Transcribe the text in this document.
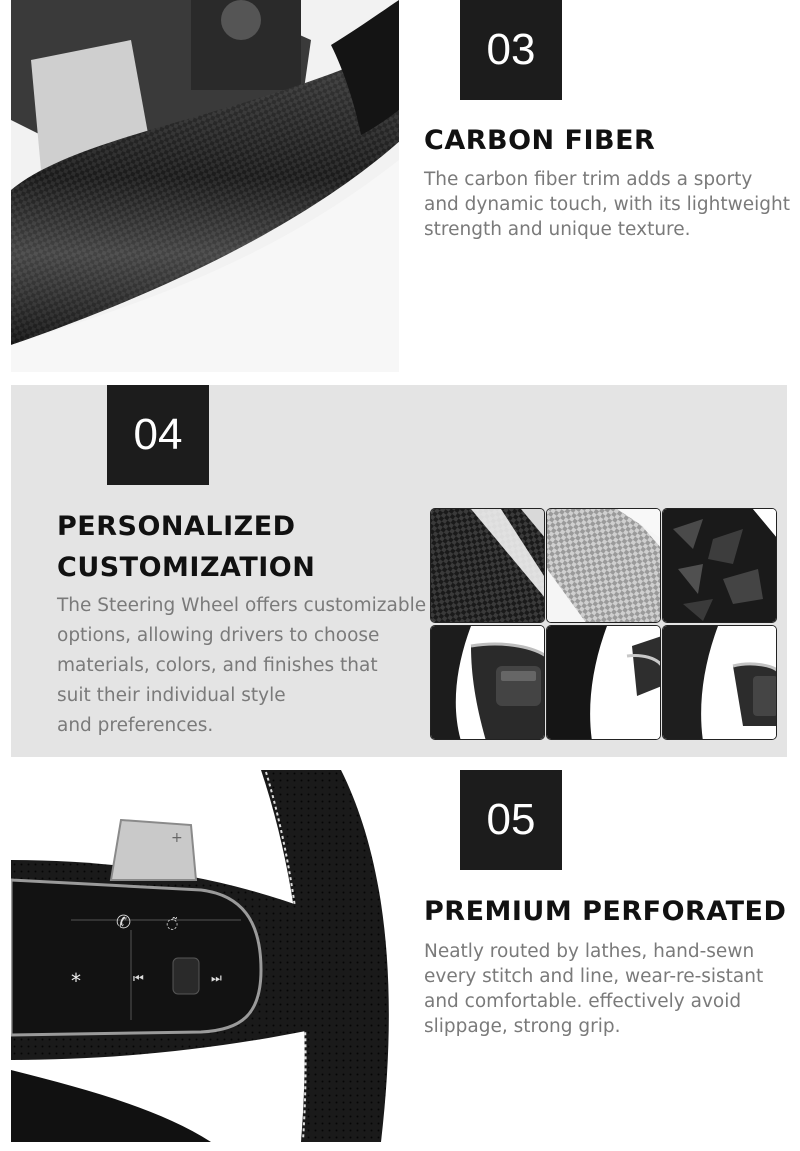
03
CARBON FIBER

The carbon fiber trim adds a sporty and dynamic touch, with its lightweight strength and unique texture.

04
PERSONALIZED
CUSTOMIZATION
The Steering Wheel offers customizable
options, allowing drivers to choose
materials, colors, and finishes that
suit their individual style
and preferences.
✆ ◌̃
*	⏮	⏭
+	05
PREMIUM PERFORATED

Neatly routed by lathes, hand-sewn every stitch and line, wear-re-sistant and comfortable. effectively avoid slippage, strong grip.
